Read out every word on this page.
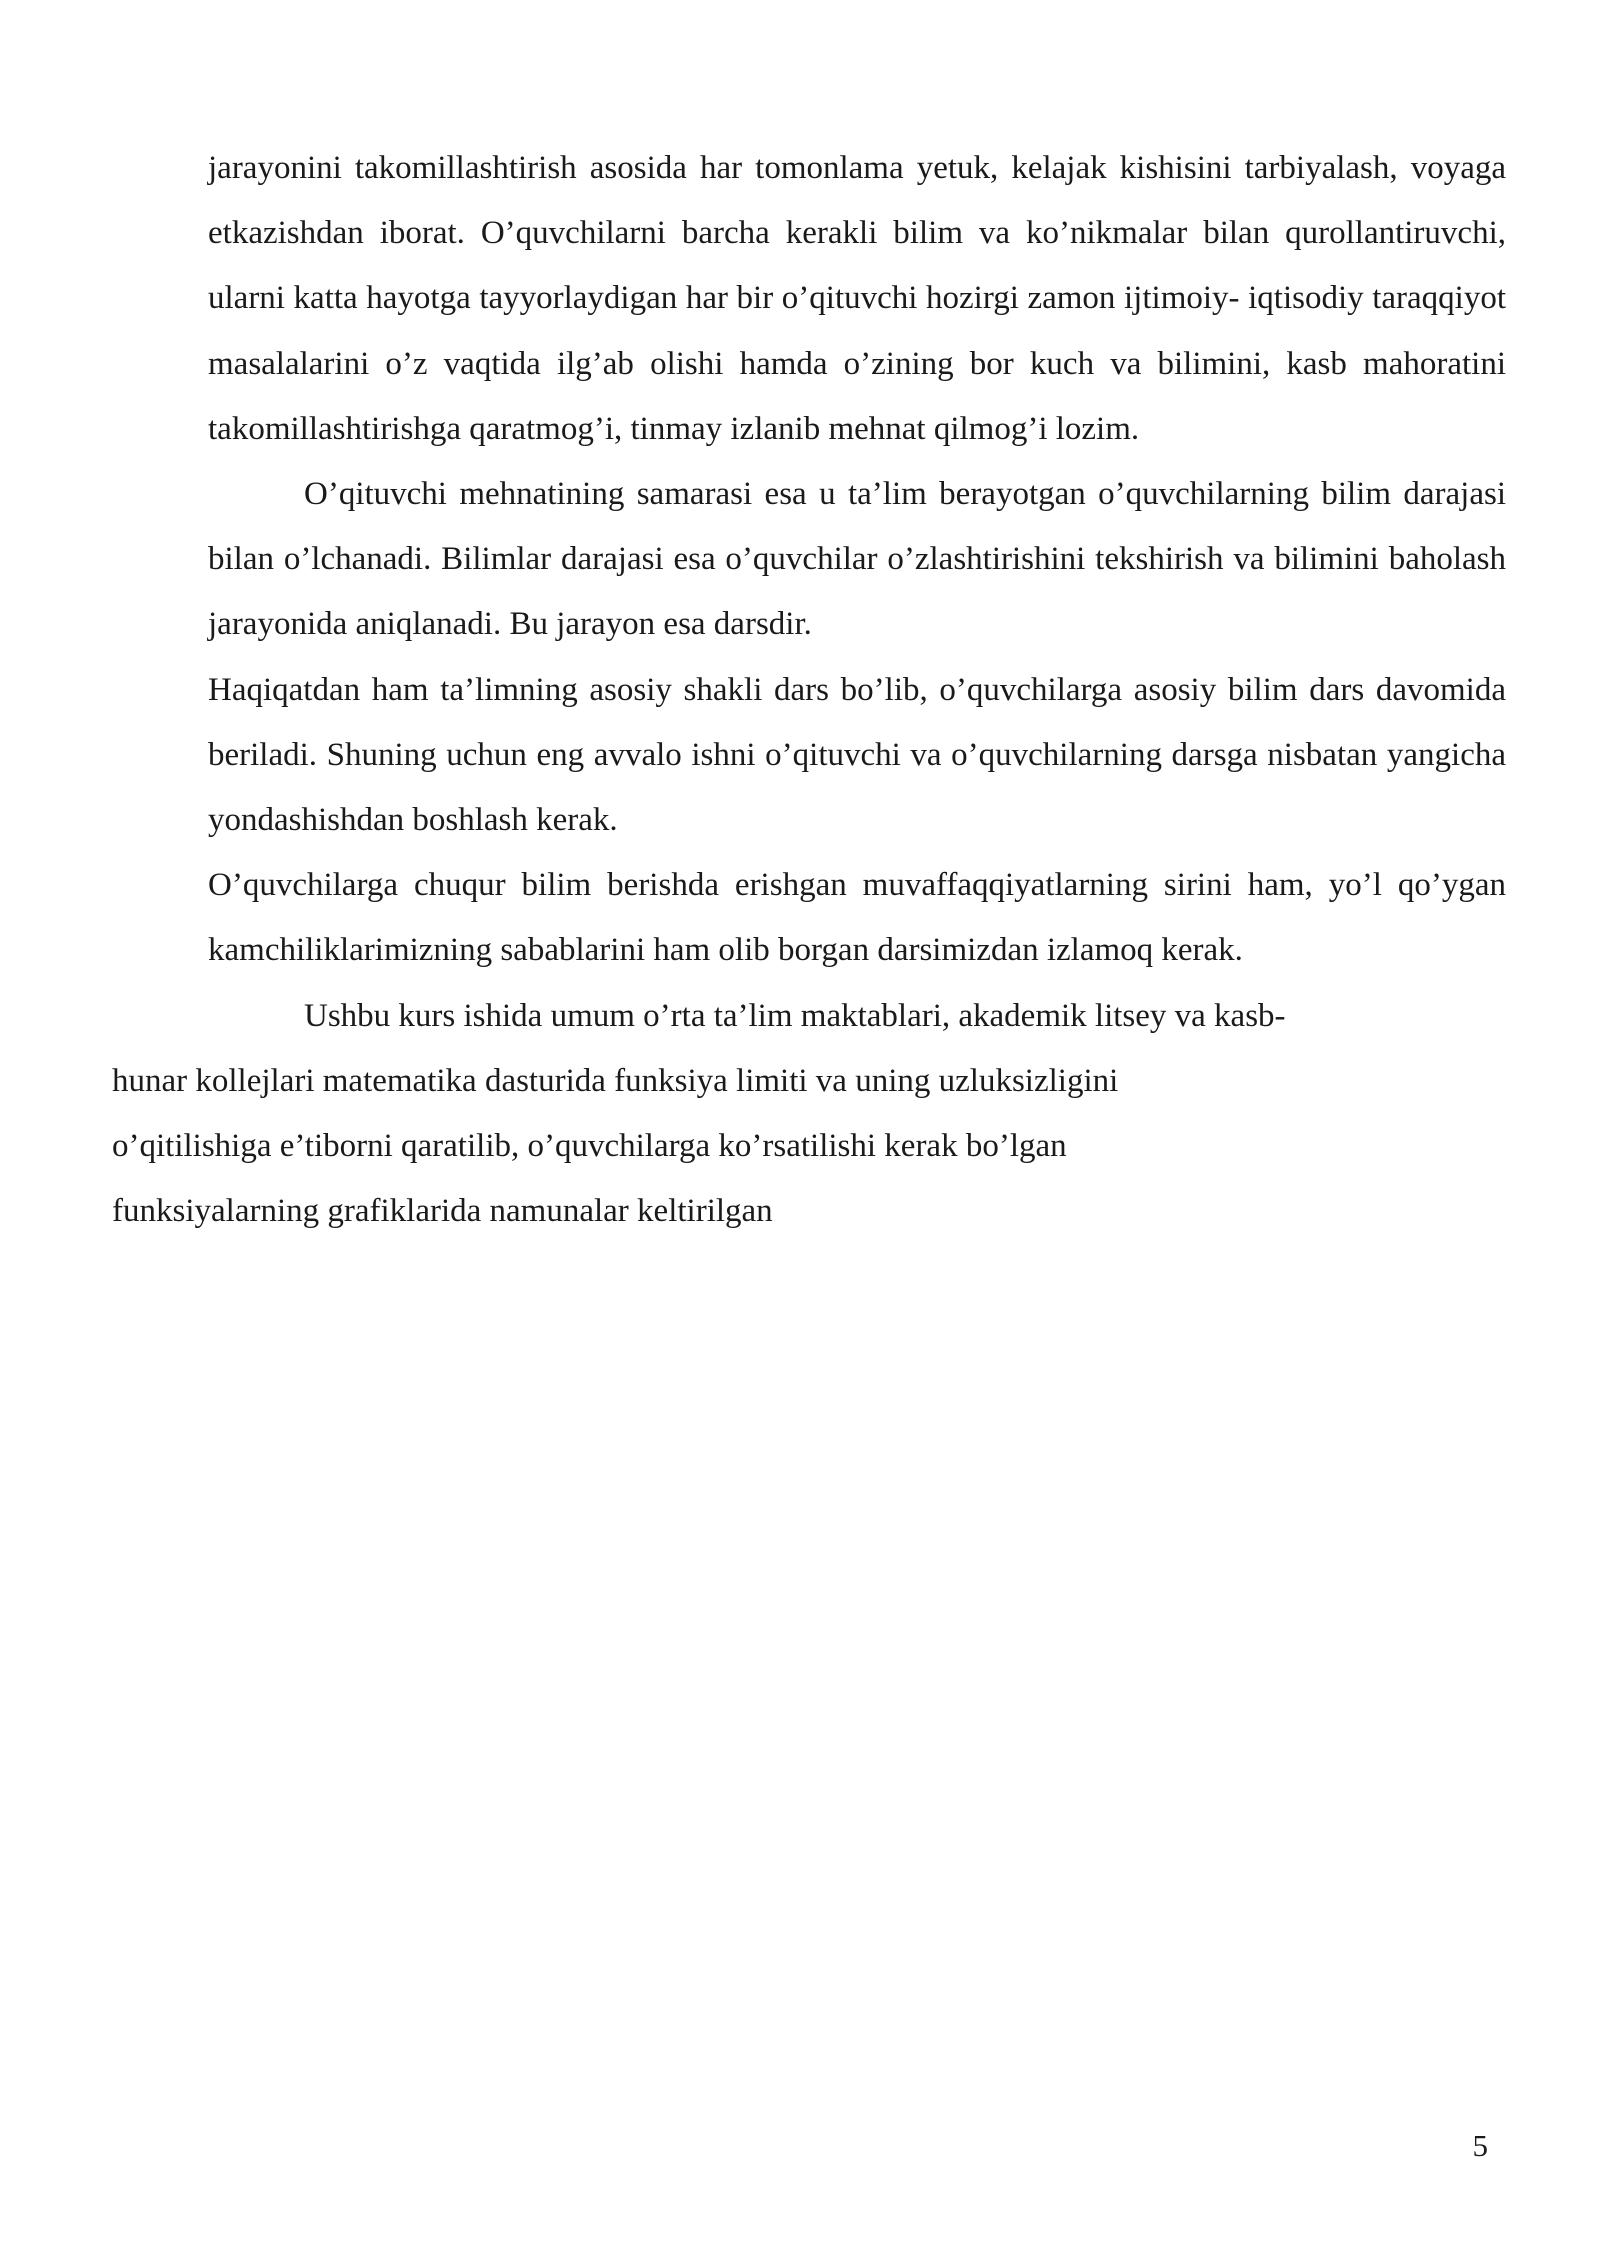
jarayonini takomillashtirish asosida har tomonlama yetuk, kelajak kishisini tarbiyalash, voyaga etkazishdan iborat. O’quvchilarni barcha kerakli bilim va ko’nikmalar bilan qurollantiruvchi, ularni katta hayotga tayyorlaydigan har bir o’qituvchi hozirgi zamon ijtimoiy- iqtisodiy taraqqiyot masalalarini o’z vaqtida ilg’ab olishi hamda o’zining bor kuch va bilimini, kasb mahoratini takomillashtirishga qaratmog’i, tinmay izlanib mehnat qilmog’i lozim.

O’qituvchi mehnatining samarasi esa u ta’lim berayotgan o’quvchilarning bilim darajasi bilan o’lchanadi. Bilimlar darajasi esa o’quvchilar o’zlashtirishini tekshirish va bilimini baholash jarayonida aniqlanadi. Bu jarayon esa darsdir.

Haqiqatdan ham ta’limning asosiy shakli dars bo’lib, o’quvchilarga asosiy bilim dars davomida beriladi. Shuning uchun eng avvalo ishni o’qituvchi va o’quvchilarning darsga nisbatan yangicha yondashishdan boshlash kerak.

O’quvchilarga chuqur bilim berishda erishgan muvaffaqqiyatlarning sirini ham, yo’l qo’ygan kamchiliklarimizning sabablarini ham olib borgan darsimizdan izlamoq kerak.

Ushbu kurs ishida umum o’rta ta’lim maktablari, akademik litsey va kasb-
hunar kollejlari matematika dasturida funksiya limiti va uning uzluksizligini
o’qitilishiga e’tiborni qaratilib, o’quvchilarga ko’rsatilishi kerak bo’lgan
funksiyalarning grafiklarida namunalar keltirilgan

5
